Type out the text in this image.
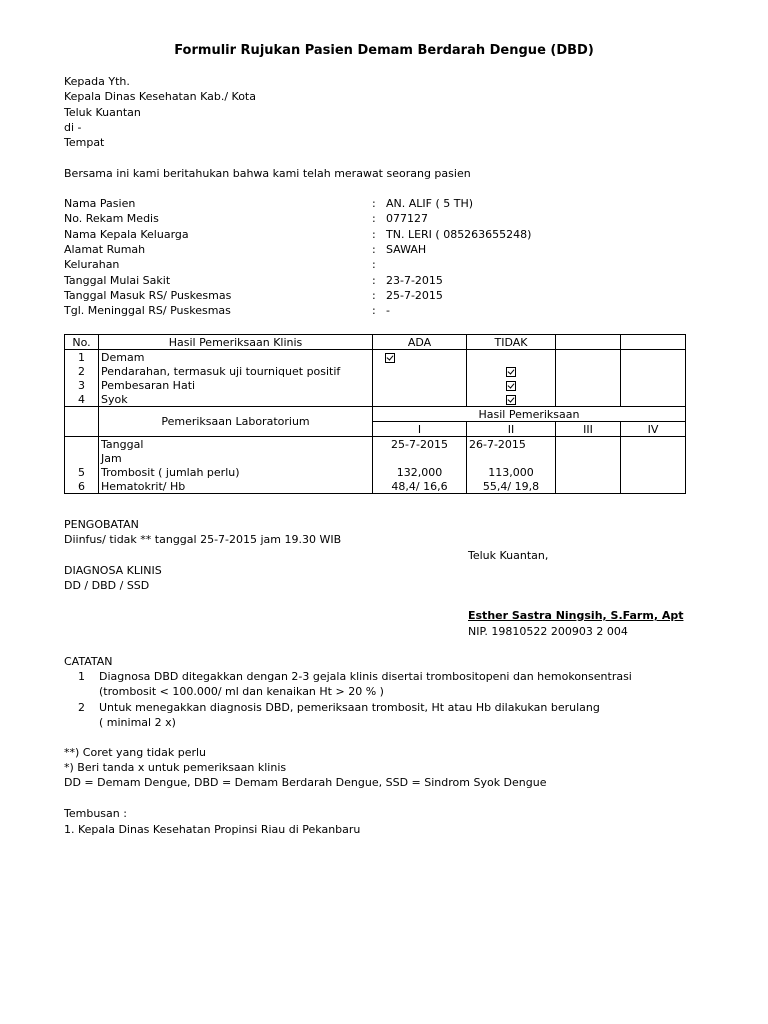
Formulir Rujukan Pasien Demam Berdarah Dengue (DBD)
Kepada Yth.
Kepala Dinas Kesehatan Kab./ Kota
Teluk Kuantan
di -
Tempat
Bersama ini kami beritahukan bahwa kami telah merawat seorang pasien
Nama Pasien	: AN. ALIF ( 5 TH)
No. Rekam Medis	: 077127
Nama Kepala Keluarga	: TN. LERI ( 085263655248)
Alamat Rumah	: SAWAH
Kelurahan	:
Tanggal Mulai Sakit	: 23-7-2015
Tanggal Masuk RS/ Puskesmas	: 25-7-2015
Tgl. Meninggal RS/ Puskesmas	: -
No.	Hasil Pemeriksaan Klinis	ADA	TIDAK		
1	Demam				
2	Pendarahan, termasuk uji tourniquet positif				
3	Pembesaran Hati				
4	Syok				
	Pemeriksaan Laboratorium	Hasil Pemeriksaan			
		I	II	III	IV
	Tanggal	25-7-2015	26-7-2015		
	Jam				
5	Trombosit ( jumlah perlu)	132,000	113,000		
6	Hematokrit/ Hb	48,4/ 16,6	55,4/ 19,8		
PENGOBATAN
Diinfus/ tidak ** tanggal 25-7-2015 jam 19.30 WIB
Teluk Kuantan,
DIAGNOSA KLINIS
DD / DBD / SSD
Esther Sastra Ningsih, S.Farm, Apt
NIP. 19810522 200903 2 004
CATATAN
1 Diagnosa DBD ditegakkan dengan 2-3 gejala klinis disertai trombositopeni dan hemokonsentrasi
(trombosit < 100.000/ ml dan kenaikan Ht > 20 % )
2 Untuk menegakkan diagnosis DBD, pemeriksaan trombosit, Ht atau Hb dilakukan berulang
( minimal 2 x)
**) Coret yang tidak perlu
*) Beri tanda x untuk pemeriksaan klinis
DD = Demam Dengue, DBD = Demam Berdarah Dengue, SSD = Sindrom Syok Dengue
Tembusan :
1. Kepala Dinas Kesehatan Propinsi Riau di Pekanbaru
